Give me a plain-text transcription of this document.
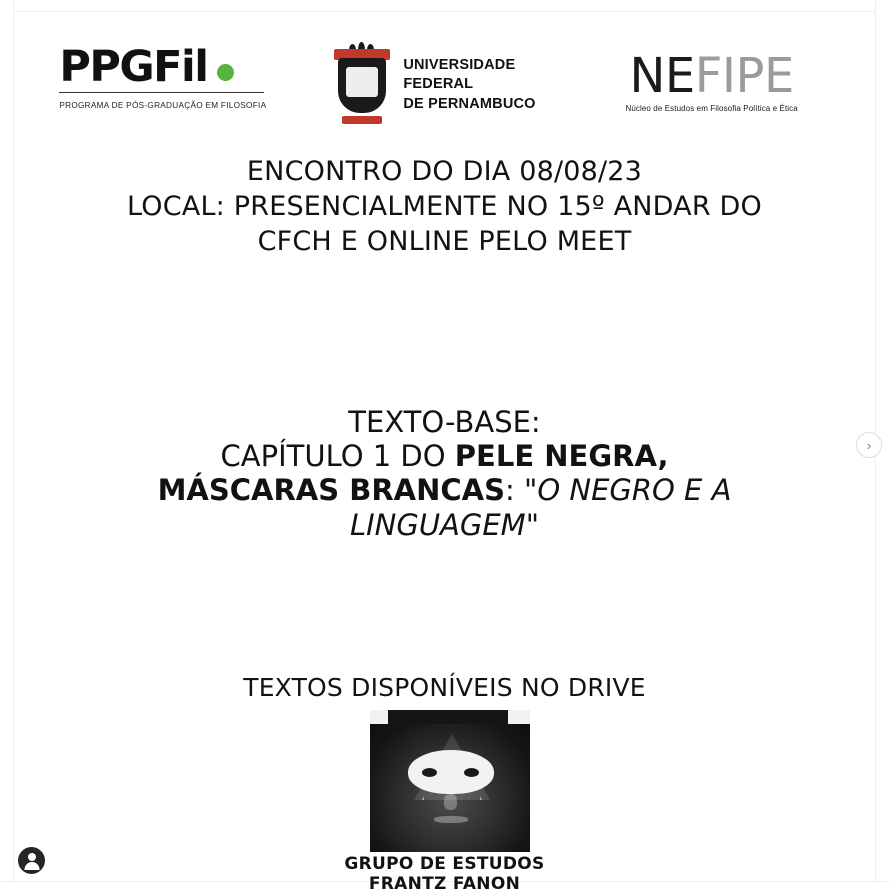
PPGFil
PROGRAMA DE PÓS-GRADUAÇÃO EM FILOSOFIA
UNIVERSIDADE
FEDERAL
DE PERNAMBUCO	NEFIPE
Núcleo de Estudos em Filosofia Política e Ética
ENCONTRO DO DIA 08/08/23
LOCAL: PRESENCIALMENTE NO 15º ANDAR DO
CFCH E ONLINE PELO MEET
TEXTO-BASE:
CAPÍTULO 1 DO PELE NEGRA,
MÁSCARAS BRANCAS: "O NEGRO E A
LINGUAGEM"
TEXTOS DISPONÍVEIS NO DRIVE
GRUPO DE ESTUDOS
FRANTZ FANON
›
